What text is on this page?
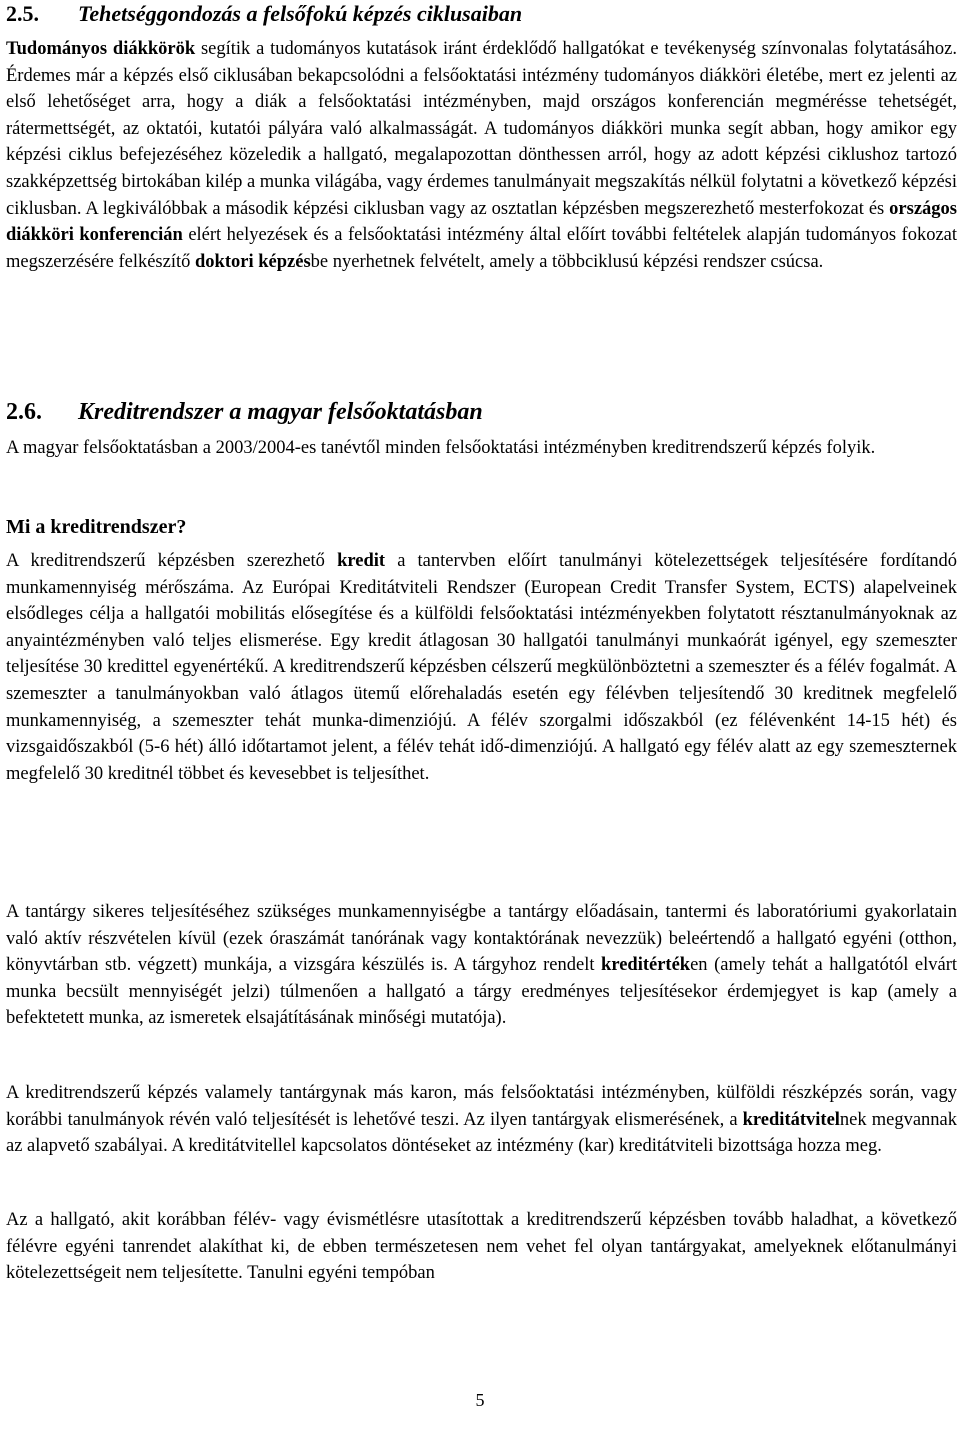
2.5. Tehetséggondozás a felsőfokú képzés ciklusaiban
Tudományos diákkörök segítik a tudományos kutatások iránt érdeklődő hallgatókat e tevékenység színvonalas folytatásához. Érdemes már a képzés első ciklusában bekapcsolódni a felsőoktatási intézmény tudományos diákköri életébe, mert ez jelenti az első lehetőséget arra, hogy a diák a felsőoktatási intézményben, majd országos konferencián megmérésse tehetségét, rátermettségét, az oktatói, kutatói pályára való alkalmasságát. A tudományos diákköri munka segít abban, hogy amikor egy képzési ciklus befejezéséhez közeledik a hallgató, megalapozottan dönthessen arról, hogy az adott képzési ciklushoz tartozó szakképzettség birtokában kilép a munka világába, vagy érdemes tanulmányait megszakítás nélkül folytatni a következő képzési ciklusban. A legkiválóbbak a második képzési ciklusban vagy az osztatlan képzésben megszerezhető mesterfokozat és országos diákköri konferencián elért helyezések és a felsőoktatási intézmény által előírt további feltételek alapján tudományos fokozat megszerzésére felkészítő doktori képzésbe nyerhetnek felvételt, amely a többciklusú képzési rendszer csúcsa.
2.6. Kreditrendszer a magyar felsőoktatásban
A magyar felsőoktatásban a 2003/2004-es tanévtől minden felsőoktatási intézményben kreditrendszerű képzés folyik.
Mi a kreditrendszer?
A kreditrendszerű képzésben szerezhető kredit a tantervben előírt tanulmányi kötelezettségek teljesítésére fordítandó munkamennyiség mérőszáma. Az Európai Kreditátviteli Rendszer (European Credit Transfer System, ECTS) alapelveinek elsődleges célja a hallgatói mobilitás elősegítése és a külföldi felsőoktatási intézményekben folytatott résztanulmányoknak az anyaintézményben való teljes elismerése. Egy kredit átlagosan 30 hallgatói tanulmányi munkaórát igényel, egy szemeszter teljesítése 30 kredittel egyenértékű. A kreditrendszerű képzésben célszerű megkülönböztetni a szemeszter és a félév fogalmát. A szemeszter a tanulmányokban való átlagos ütemű előrehaladás esetén egy félévben teljesítendő 30 kreditnek megfelelő munkamennyiség, a szemeszter tehát munka-dimenziójú. A félév szorgalmi időszakból (ez félévenként 14-15 hét) és vizsgaidőszakból (5-6 hét) álló időtartamot jelent, a félév tehát idő-dimenziójú. A hallgató egy félév alatt az egy szemeszternek megfelelő 30 kreditnél többet és kevesebbet is teljesíthet.
A tantárgy sikeres teljesítéséhez szükséges munkamennyiségbe a tantárgy előadásain, tantermi és laboratóriumi gyakorlatain való aktív részvételen kívül (ezek óraszámát tanórának vagy kontaktórának nevezzük) beleértendő a hallgató egyéni (otthon, könyvtárban stb. végzett) munkája, a vizsgára készülés is. A tárgyhoz rendelt kreditértéken (amely tehát a hallgatótól elvárt munka becsült mennyiségét jelzi) túlmenően a hallgató a tárgy eredményes teljesítésekor érdemjegyet is kap (amely a befektetett munka, az ismeretek elsajátításának minőségi mutatója).
A kreditrendszerű képzés valamely tantárgynak más karon, más felsőoktatási intézményben, külföldi részképzés során, vagy korábbi tanulmányok révén való teljesítését is lehetővé teszi. Az ilyen tantárgyak elismerésének, a kreditátvitelnek megvannak az alapvető szabályai. A kreditátvitellel kapcsolatos döntéseket az intézmény (kar) kreditátviteli bizottsága hozza meg.
Az a hallgató, akit korábban félév- vagy évismétlésre utasítottak a kreditrendszerű képzésben tovább haladhat, a következő félévre egyéni tanrendet alakíthat ki, de ebben természetesen nem vehet fel olyan tantárgyakat, amelyeknek előtanulmányi kötelezettségeit nem teljesítette. Tanulni egyéni tempóban
5
